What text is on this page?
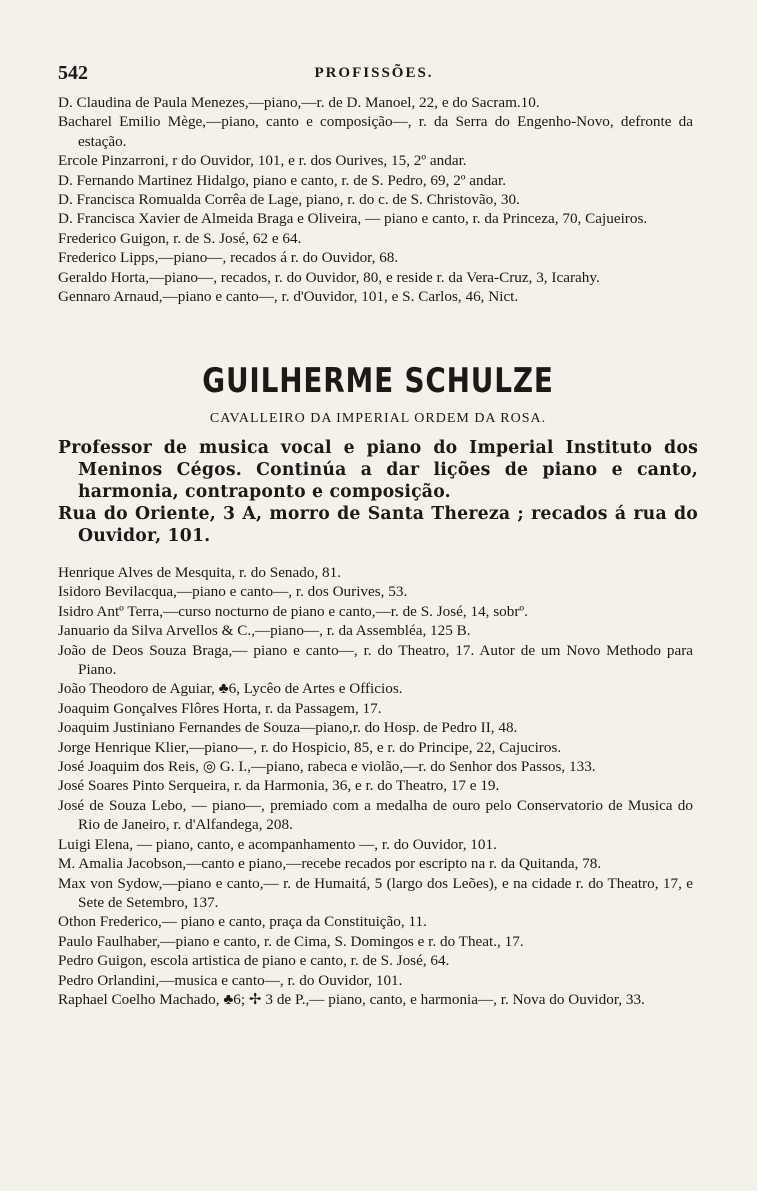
542	PROFISSÕES.
D. Claudina de Paula Menezes,—piano,—r. de D. Manoel, 22, e do Sacram.10.
Bacharel Emilio Mège,—piano, canto e composição—, r. da Serra do Engenho-Novo, defronte da estação.
Ercole Pinzarroni, r do Ouvidor, 101, e r. dos Ourives, 15, 2º andar.
D. Fernando Martinez Hidalgo, piano e canto, r. de S. Pedro, 69, 2º andar.
D. Francisca Romualda Corrêa de Lage, piano, r. do c. de S. Christovão, 30.
D. Francisca Xavier de Almeida Braga e Oliveira, — piano e canto, r. da Princeza, 70, Cajueiros.
Frederico Guigon, r. de S. José, 62 e 64.
Frederico Lipps,—piano—, recados á r. do Ouvidor, 68.
Geraldo Horta,—piano—, recados, r. do Ouvidor, 80, e reside r. da Vera-Cruz, 3, Icarahy.
Gennaro Arnaud,—piano e canto—, r. d'Ouvidor, 101, e S. Carlos, 46, Nict.
GUILHERME SCHULZE
CAVALLEIRO DA IMPERIAL ORDEM DA ROSA.
Professor de musica vocal e piano do Imperial Instituto dos Meninos Cégos. Continúa a dar lições de piano e canto, harmonia, contraponto e composição.
Rua do Oriente, 3 A, morro de Santa Thereza ; recados á rua do Ouvidor, 101.
Henrique Alves de Mesquita, r. do Senado, 81.
Isidoro Bevilacqua,—piano e canto—, r. dos Ourives, 53.
Isidro Antº Terra,—curso nocturno de piano e canto,—r. de S. José, 14, sobrº.
Januario da Silva Arvellos & C.,—piano—, r. da Assembléa, 125 B.
João de Deos Souza Braga,— piano e canto—, r. do Theatro, 17. Autor de um Novo Methodo para Piano.
João Theodoro de Aguiar, ♣6, Lycêo de Artes e Officios.
Joaquim Gonçalves Flôres Horta, r. da Passagem, 17.
Joaquim Justiniano Fernandes de Souza—piano,r. do Hosp. de Pedro II, 48.
Jorge Henrique Klier,—piano—, r. do Hospicio, 85, e r. do Principe, 22, Cajuciros.
José Joaquim dos Reis, ◎ G. I.,—piano, rabeca e violão,—r. do Senhor dos Passos, 133.
José Soares Pinto Serqueira, r. da Harmonia, 36, e r. do Theatro, 17 e 19.
José de Souza Lebo, — piano—, premiado com a medalha de ouro pelo Conservatorio de Musica do Rio de Janeiro, r. d'Alfandega, 208.
Luigi Elena, — piano, canto, e acompanhamento —, r. do Ouvidor, 101.
M. Amalia Jacobson,—canto e piano,—recebe recados por escripto na r. da Quitanda, 78.
Max von Sydow,—piano e canto,— r. de Humaitá, 5 (largo dos Leões), e na cidade r. do Theatro, 17, e Sete de Setembro, 137.
Othon Frederico,— piano e canto, praça da Constituição, 11.
Paulo Faulhaber,—piano e canto, r. de Cima, S. Domingos e r. do Theat., 17.
Pedro Guigon, escola artistica de piano e canto, r. de S. José, 64.
Pedro Orlandini,—musica e canto—, r. do Ouvidor, 101.
Raphael Coelho Machado, ♣6; ✢ 3 de P.,— piano, canto, e harmonia—, r. Nova do Ouvidor, 33.
